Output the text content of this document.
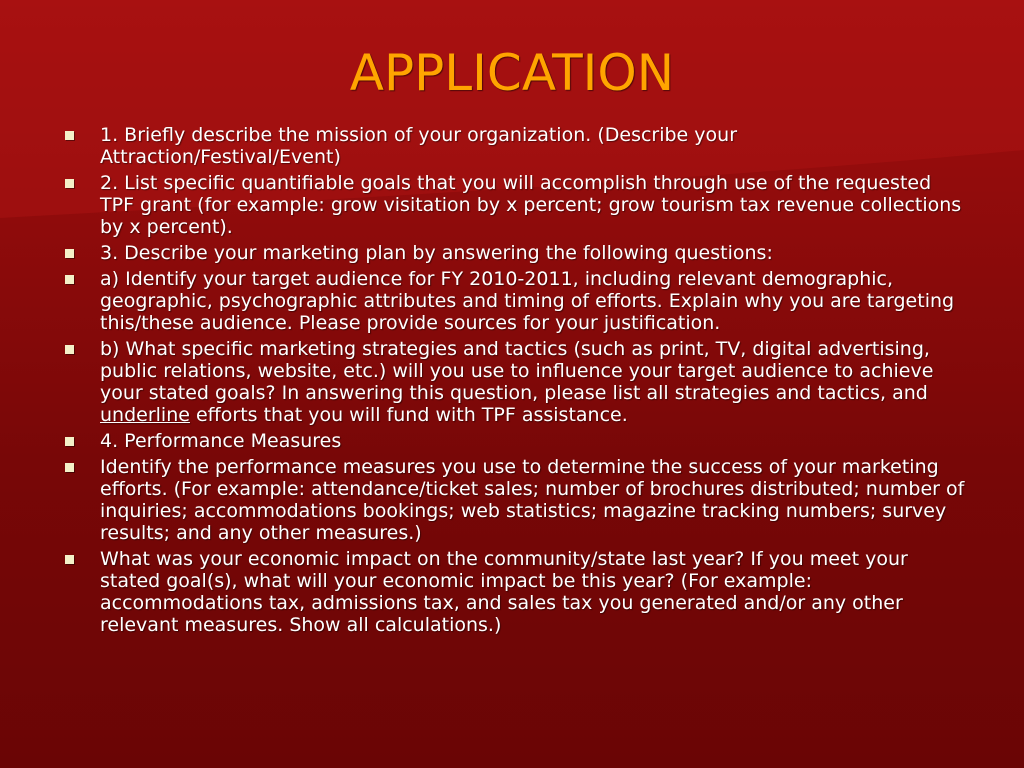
APPLICATION
1. Briefly describe the mission of your organization. (Describe your Attraction/Festival/Event)
2. List specific quantifiable goals that you will accomplish through use of the requested TPF grant (for example: grow visitation by x percent; grow tourism tax revenue collections by x percent).
3. Describe your marketing plan by answering the following questions:
a) Identify your target audience for FY 2010-2011, including relevant demographic, geographic, psychographic attributes and timing of efforts. Explain why you are targeting this/these audience. Please provide sources for your justification.
b) What specific marketing strategies and tactics (such as print, TV, digital advertising, public relations, website, etc.) will you use to influence your target audience to achieve your stated goals? In answering this question, please list all strategies and tactics, and underline efforts that you will fund with TPF assistance.
4. Performance Measures
Identify the performance measures you use to determine the success of your marketing efforts. (For example: attendance/ticket sales; number of brochures distributed; number of inquiries; accommodations bookings; web statistics; magazine tracking numbers; survey results; and any other measures.)
What was your economic impact on the community/state last year? If you meet your stated goal(s), what will your economic impact be this year? (For example: accommodations tax, admissions tax, and sales tax you generated and/or any other relevant measures. Show all calculations.)
